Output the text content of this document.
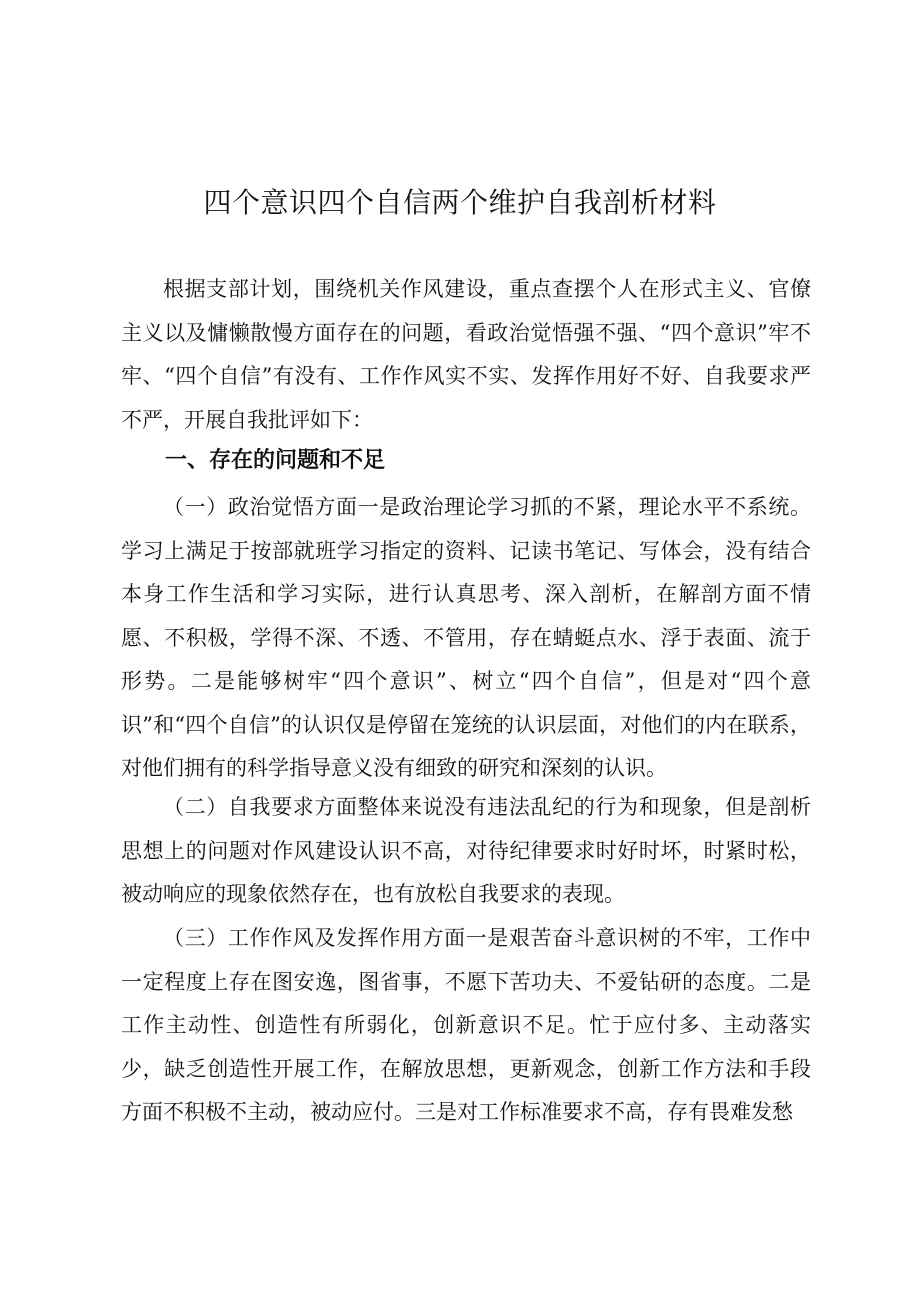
四个意识四个自信两个维护自我剖析材料

根据支部计划，围绕机关作风建设，重点查摆个人在形式主义、官僚主义以及慵懒散慢方面存在的问题，看政治觉悟强不强、“四个意识”牢不牢、“四个自信”有没有、工作作风实不实、发挥作用好不好、自我要求严不严，开展自我批评如下：

一、存在的问题和不足

（一）政治觉悟方面一是政治理论学习抓的不紧，理论水平不系统。学习上满足于按部就班学习指定的资料、记读书笔记、写体会，没有结合本身工作生活和学习实际，进行认真思考、深入剖析，在解剖方面不情愿、不积极，学得不深、不透、不管用，存在蜻蜓点水、浮于表面、流于形势。二是能够树牢“四个意识”、树立“四个自信”，但是对“四个意识”和“四个自信”的认识仅是停留在笼统的认识层面，对他们的内在联系，对他们拥有的科学指导意义没有细致的研究和深刻的认识。

（二）自我要求方面整体来说没有违法乱纪的行为和现象，但是剖析思想上的问题对作风建设认识不高，对待纪律要求时好时坏，时紧时松，被动响应的现象依然存在，也有放松自我要求的表现。

（三）工作作风及发挥作用方面一是艰苦奋斗意识树的不牢，工作中一定程度上存在图安逸，图省事，不愿下苦功夫、不爱钻研的态度。二是工作主动性、创造性有所弱化，创新意识不足。忙于应付多、主动落实少，缺乏创造性开展工作，在解放思想，更新观念，创新工作方法和手段方面不积极不主动，被动应付。三是对工作标准要求不高，存有畏难发愁
